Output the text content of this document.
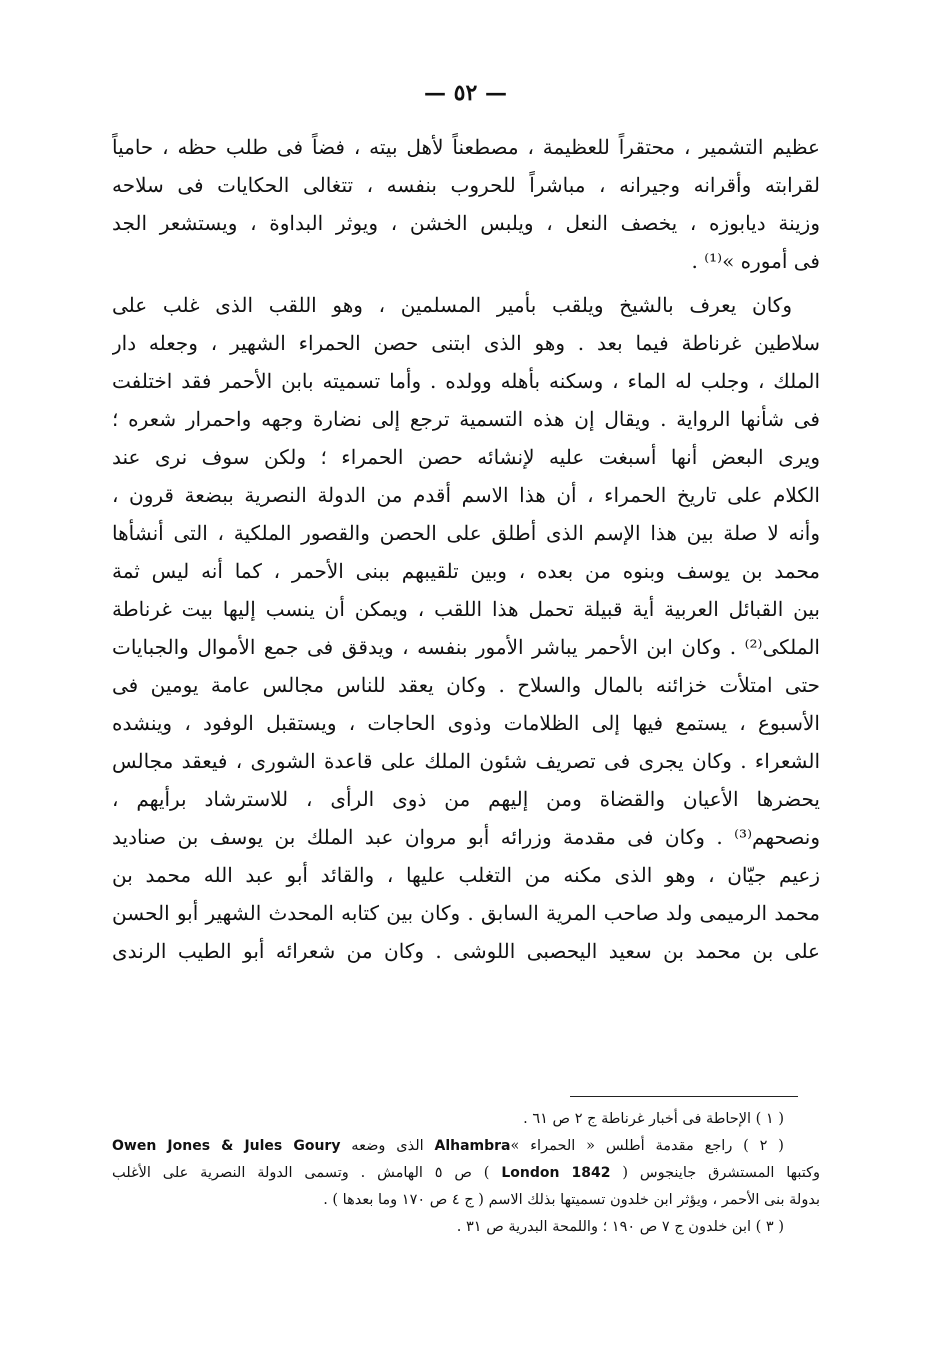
— ٥٢ —
عظيم التشمير ، محتقراً للعظيمة ، مصطعناً لأهل بيته ، فضاً فى طلب حظه ، حامياً
لقرابته وأقرانه وجيرانه ، مباشراً للحروب بنفسه ، تتغالى الحكايات فى سلاحه
وزينة ديابوزه ، يخصف النعل ، ويلبس الخشن ، ويوثر البداوة ، ويستشعر الجد
فى أموره »⁽¹⁾ .
وكان يعرف بالشيخ ويلقب بأمير المسلمين ، وهو اللقب الذى غلب على
سلاطين غرناطة فيما بعد . وهو الذى ابتنى حصن الحمراء الشهير ، وجعله دار
الملك ، وجلب له الماء ، وسكنه بأهله وولده . وأما تسميته بابن الأحمر فقد اختلفت
فى شأنها الرواية . ويقال إن هذه التسمية ترجع إلى نضارة وجهه واحمرار شعره ؛
ويرى البعض أنها أسبغت عليه لإنشائه حصن الحمراء ؛ ولكن سوف نرى عند
الكلام على تاريخ الحمراء ، أن هذا الاسم أقدم من الدولة النصرية ببضعة قرون ،
وأنه لا صلة بين هذا الإسم الذى أطلق على الحصن والقصور الملكية ، التى أنشأها
محمد بن يوسف وبنوه من بعده ، وبين تلقيبهم ببنى الأحمر ، كما أنه ليس ثمة
بين القبائل العربية أية قبيلة تحمل هذا اللقب ، ويمكن أن ينسب إليها بيت غرناطة
الملكى⁽²⁾ . وكان ابن الأحمر يباشر الأمور بنفسه ، ويدقق فى جمع الأموال والجبايات
حتى امتلأت خزائنه بالمال والسلاح . وكان يعقد للناس مجالس عامة يومين فى
الأسبوع ، يستمع فيها إلى الظلامات وذوى الحاجات ، ويستقبل الوفود ، وينشده
الشعراء . وكان يجرى فى تصريف شئون الملك على قاعدة الشورى ، فيعقد مجالس
يحضرها الأعيان والقضاة ومن إليهم من ذوى الرأى ، للاسترشاد برأيهم ،
ونصحهم⁽³⁾ . وكان فى مقدمة وزرائه أبو مروان عبد الملك بن يوسف بن صناديد
زعيم جيّان ، وهو الذى مكنه من التغلب عليها ، والقائد أبو عبد الله محمد بن
محمد الرميمى ولد صاحب المرية السابق . وكان بين كتابه المحدث الشهير أبو الحسن
على بن محمد بن سعيد اليحصبى اللوشى . وكان من شعرائه أبو الطيب الرندى
( ١ ) الإحاطة فى أخبار غرناطة ج ٢ ص ٦١ .
( ٢ ) راجع مقدمة أطلس « الحمراء »Alhambra الذى وضعه Owen Jones & Jules Goury
وكتبها المستشرق جاينجوس ( London 1842 ) ص ٥ الهامش . وتسمى الدولة النصرية على الأغلب
بدولة بنى الأحمر ، ويؤثر ابن خلدون تسميتها بذلك الاسم ( ج ٤ ص ١٧٠ وما بعدها ) .
( ٣ ) ابن خلدون ج ٧ ص ١٩٠ ؛ واللمحة البدرية ص ٣١ .
